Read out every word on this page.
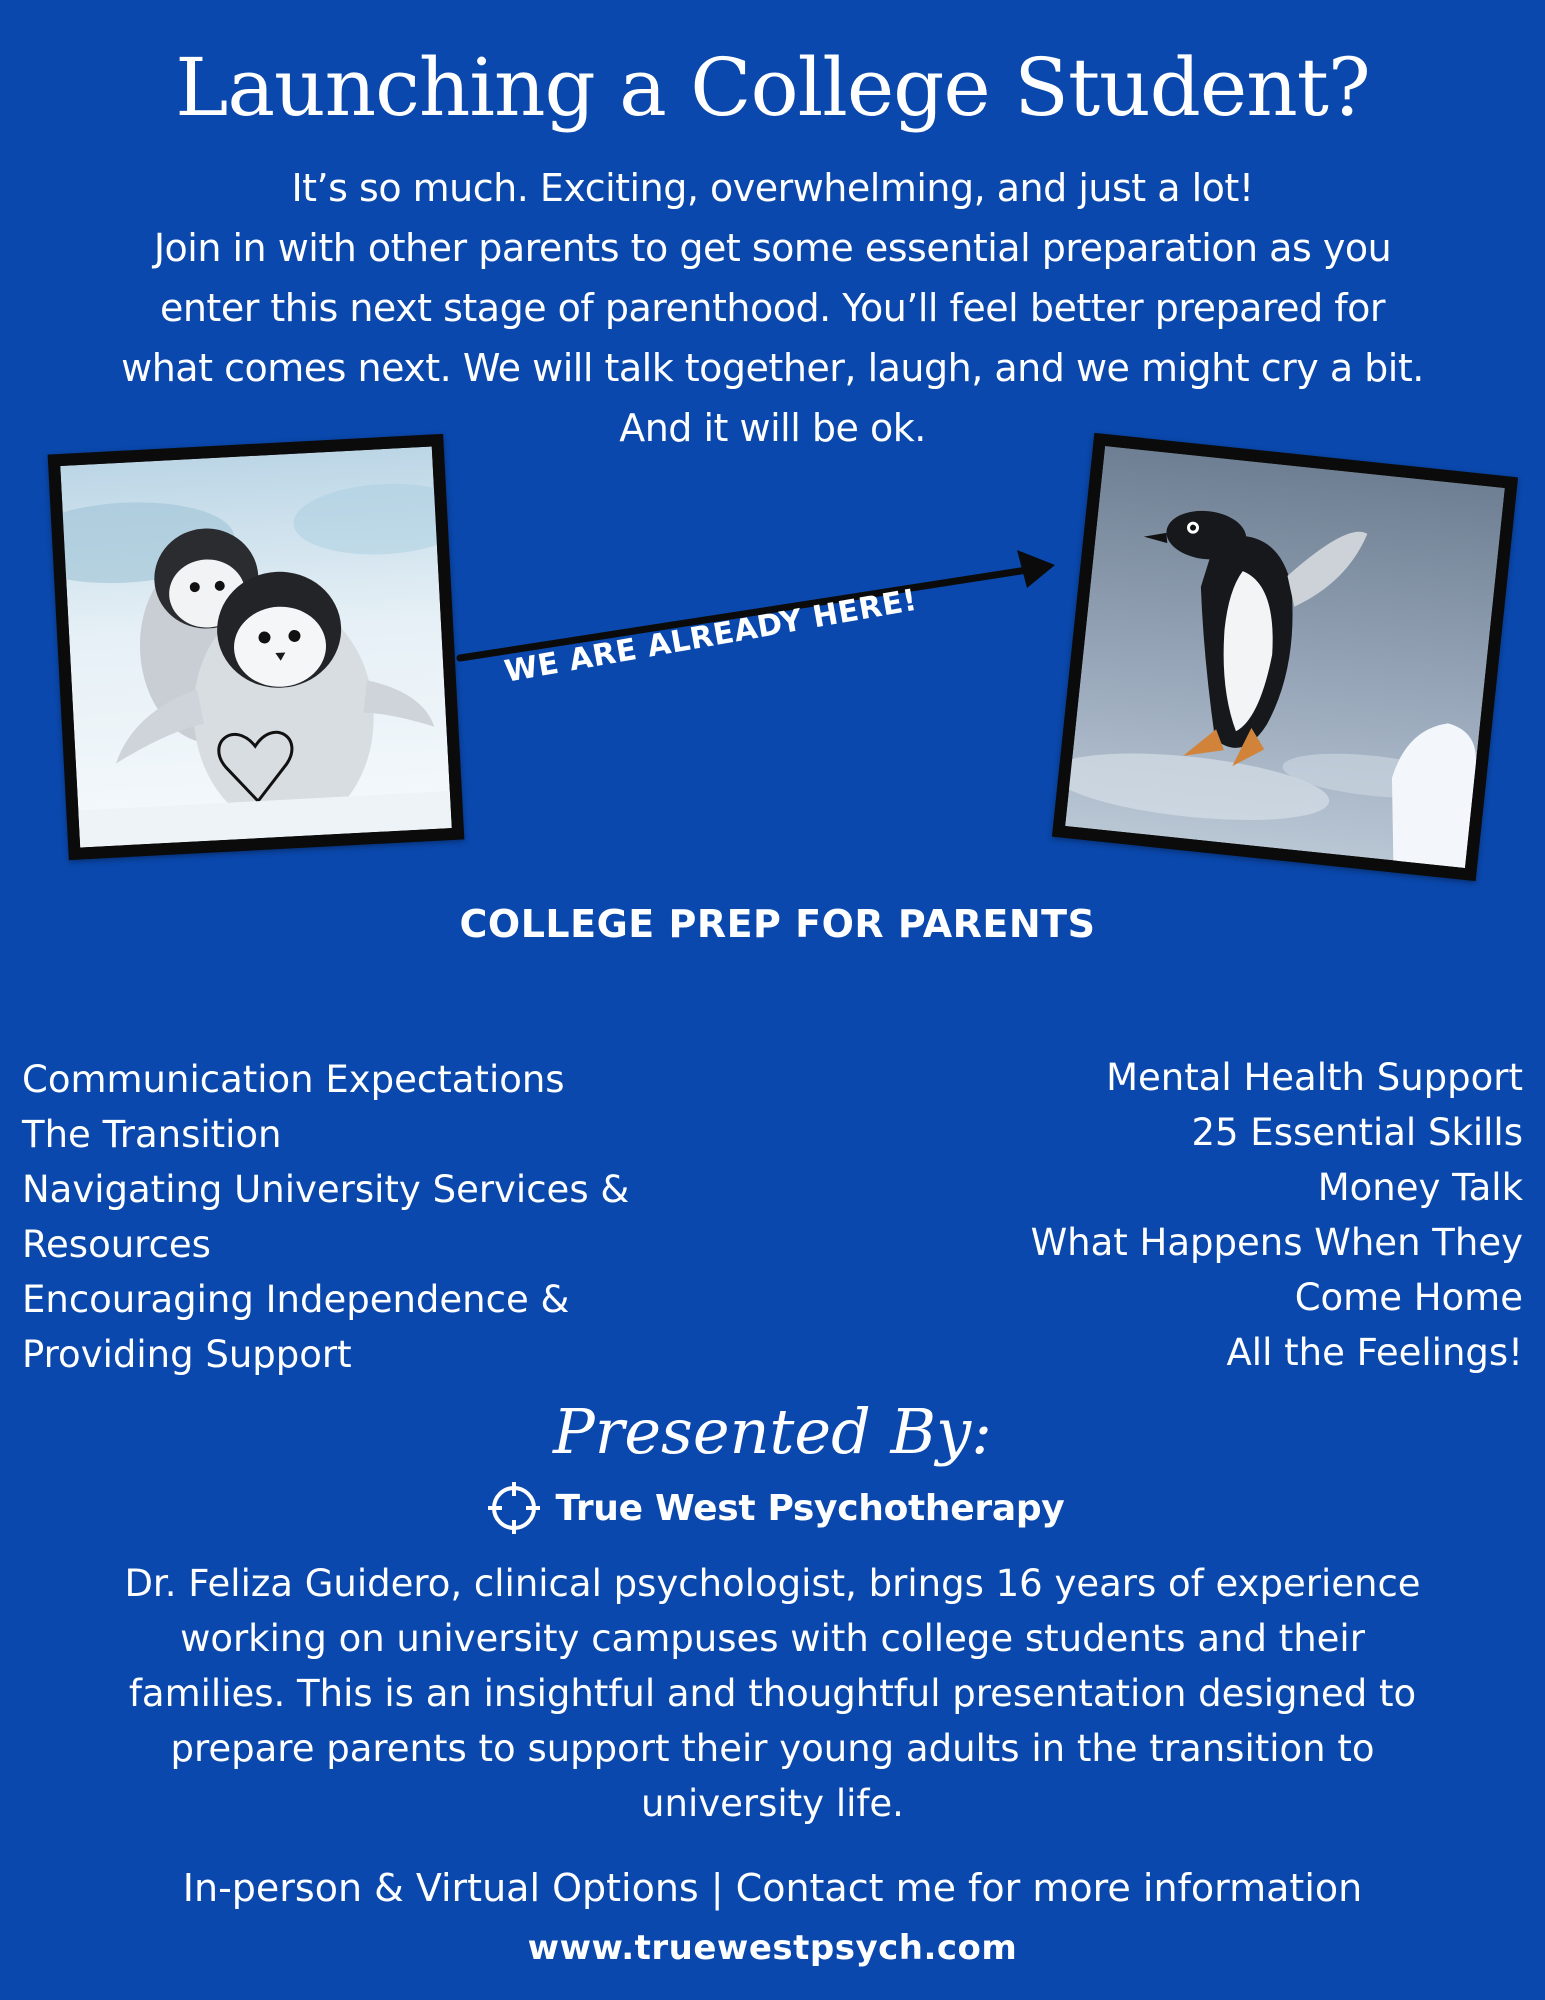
Launching a College Student?
It’s so much. Exciting, overwhelming, and just a lot!
Join in with other parents to get some essential preparation as you
enter this next stage of parenthood. You’ll feel better prepared for
what comes next. We will talk together, laugh, and we might cry a bit.
And it will be ok.
WE ARE ALREADY HERE!
COLLEGE PREP FOR PARENTS
Communication Expectations
The Transition
Navigating University Services &
Resources
Encouraging Independence &
Providing Support
Mental Health Support
25 Essential Skills
Money Talk
What Happens When They
Come Home
All the Feelings!
Presented By:
True West Psychotherapy
Dr. Feliza Guidero, clinical psychologist, brings 16 years of experience
working on university campuses with college students and their
families. This is an insightful and thoughtful presentation designed to
prepare parents to support their young adults in the transition to
university life.
In-person & Virtual Options | Contact me for more information
www.truewestpsych.com
